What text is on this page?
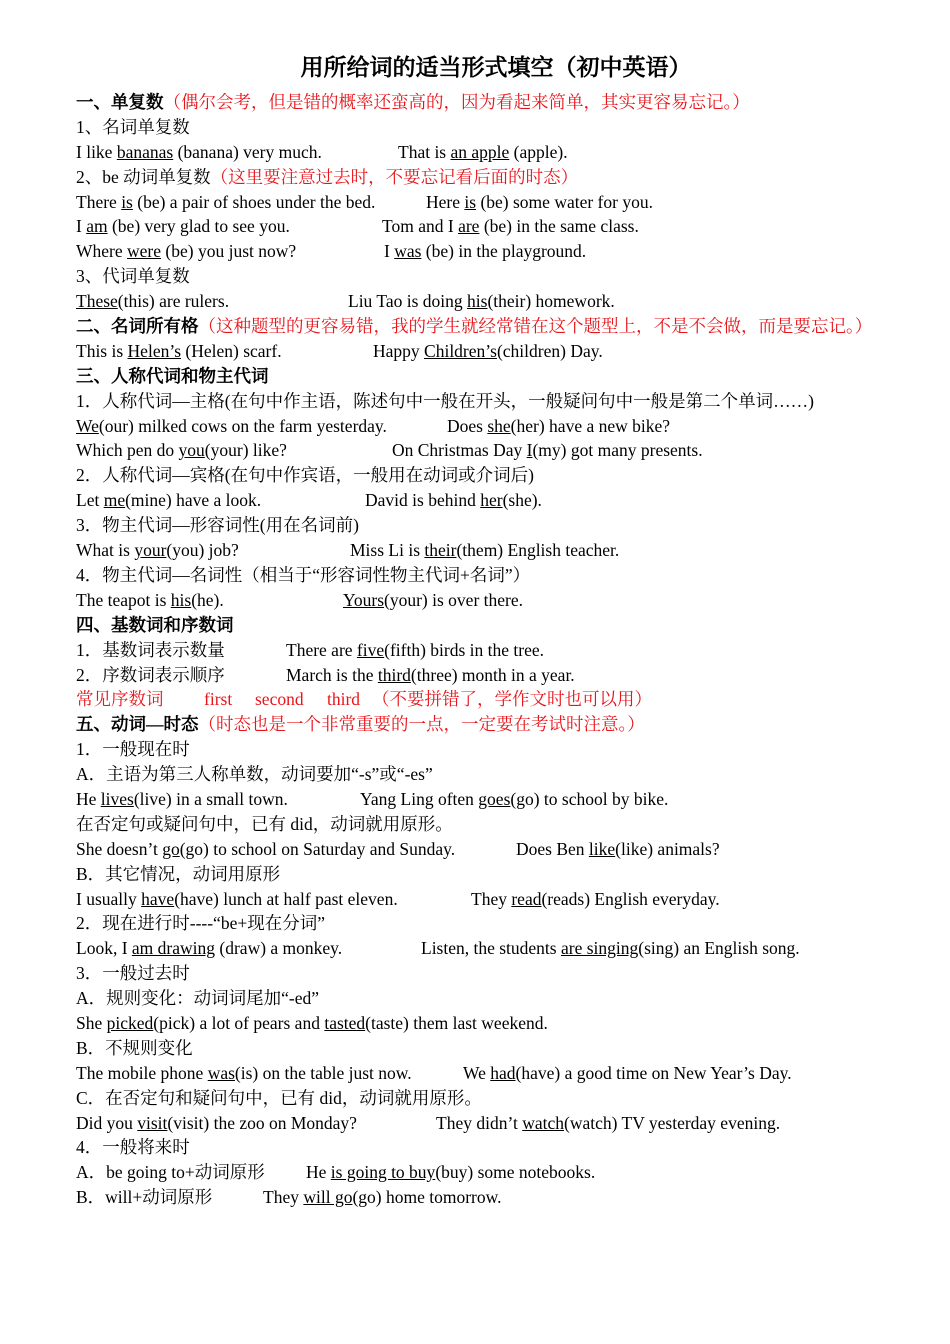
用所给词的适当形式填空（初中英语）
一、单复数（偶尔会考，但是错的概率还蛮高的，因为看起来简单，其实更容易忘记。）
1、名词单复数
I like bananas (banana) very much.	That is an apple (apple).
2、be 动词单复数（这里要注意过去时，不要忘记看后面的时态）
There is (be) a pair of shoes under the bed.	Here is (be) some water for you.
I am (be) very glad to see you.	Tom and I are (be) in the same class.
Where were (be) you just now?	I was (be) in the playground.
3、代词单复数
These(this) are rulers.	Liu Tao is doing his(their) homework.
二、名词所有格（这种题型的更容易错，我的学生就经常错在这个题型上，不是不会做，而是要忘记。）
This is Helen’s (Helen) scarf.	Happy Children’s(children) Day.
三、人称代词和物主代词
1．人称代词—主格(在句中作主语，陈述句中一般在开头，一般疑问句中一般是第二个单词……)
We(our) milked cows on the farm yesterday.	Does she(her) have a new bike?
Which pen do you(your) like?	On Christmas Day I(my) got many presents.
2．人称代词—宾格(在句中作宾语，一般用在动词或介词后)
Let me(mine) have a look.	David is behind her(she).
3．物主代词—形容词性(用在名词前)
What is your(you) job?	Miss Li is their(them) English teacher.
4．物主代词—名词性（相当于“形容词性物主代词+名词”）
The teapot is his(he).	Yours(your) is over there.
四、基数词和序数词
1．基数词表示数量	There are five(fifth) birds in the tree.
2．序数词表示顺序	March is the third(three) month in a year.
常见序数词 first second third （不要拼错了，学作文时也可以用）
五、动词—时态（时态也是一个非常重要的一点，一定要在考试时注意。）
1．一般现在时
A．主语为第三人称单数，动词要加“-s”或“-es”
He lives(live) in a small town.	Yang Ling often goes(go) to school by bike.
在否定句或疑问句中，已有 did，动词就用原形。
She doesn’t go(go) to school on Saturday and Sunday.	Does Ben like(like) animals?
B．其它情况，动词用原形
I usually have(have) lunch at half past eleven.	They read(reads) English everyday.
2．现在进行时----“be+现在分词”
Look, I am drawing (draw) a monkey.	Listen, the students are singing(sing) an English song.
3．一般过去时
A．规则变化：动词词尾加“-ed”
She picked(pick) a lot of pears and tasted(taste) them last weekend.
B．不规则变化
The mobile phone was(is) on the table just now.	We had(have) a good time on New Year’s Day.
C．在否定句和疑问句中，已有 did，动词就用原形。
Did you visit(visit) the zoo on Monday?	They didn’t watch(watch) TV yesterday evening.
4．一般将来时
A．be going to+动词原形 He is going to buy(buy) some notebooks.
B．will+动词原形	They will go(go) home tomorrow.
